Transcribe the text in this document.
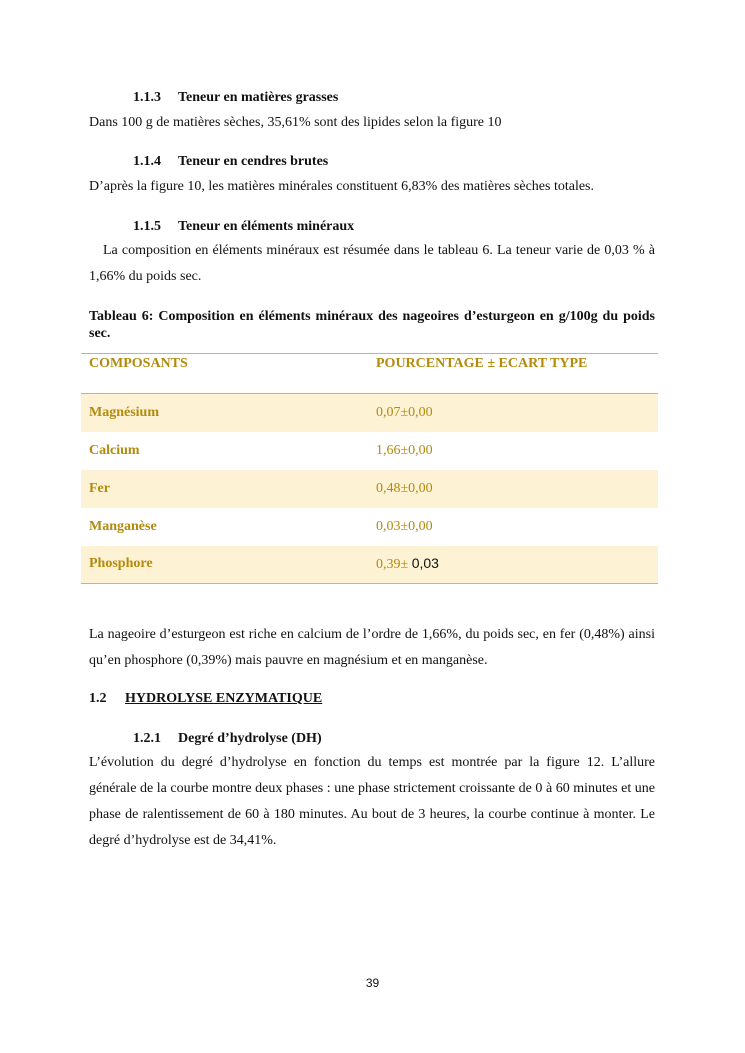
1.1.3 Teneur en matières grasses
Dans 100 g de matières sèches, 35,61% sont des lipides selon la figure 10
1.1.4 Teneur en cendres brutes
D’après la figure 10, les matières minérales constituent 6,83% des matières sèches totales.
1.1.5 Teneur en éléments minéraux
La composition en éléments minéraux est résumée dans le tableau 6. La teneur varie de 0,03 % à 1,66% du poids sec.
Tableau 6: Composition en éléments minéraux des nageoires d’esturgeon en g/100g du poids sec.
COMPOSANTS	POURCENTAGE ± ECART TYPE
Magnésium	0,07±0,00
Calcium	1,66±0,00
Fer	0,48±0,00
Manganèse	0,03±0,00
Phosphore	0,39± 0,03
La nageoire d’esturgeon est riche en calcium de l’ordre de 1,66%, du poids sec, en fer (0,48%) ainsi qu’en phosphore (0,39%) mais pauvre en magnésium et en manganèse.
1.2 HYDROLYSE ENZYMATIQUE
1.2.1 Degré d’hydrolyse (DH)
L’évolution du degré d’hydrolyse en fonction du temps est montrée par la figure 12. L’allure générale de la courbe montre deux phases : une phase strictement croissante de 0 à 60 minutes et une phase de ralentissement de 60 à 180 minutes. Au bout de 3 heures, la courbe continue à monter. Le degré d’hydrolyse est de 34,41%.
39
